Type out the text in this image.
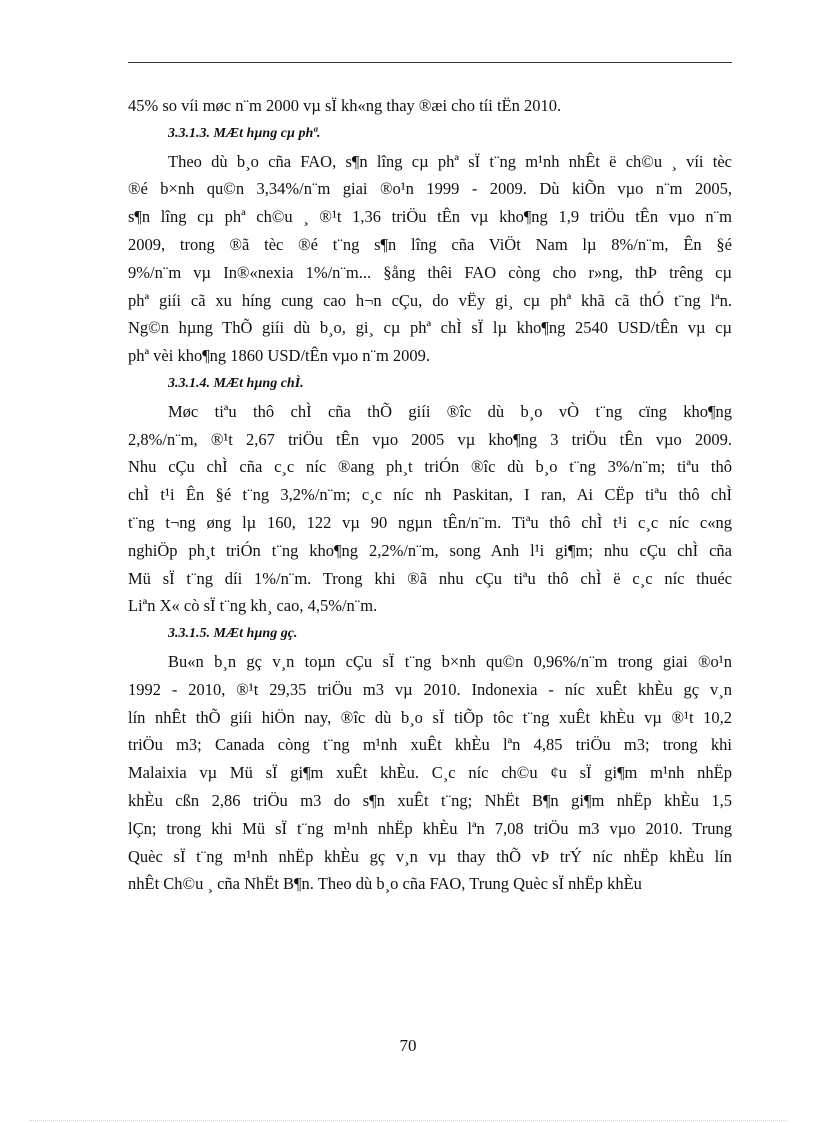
45% so víi møc n¨m 2000 vµ sÏ kh«ng thay ®æi cho tíi tËn 2010.
3.3.1.3. MÆt hµng cµ phª.
Theo dù b¸o cña FAO, s¶n lîng cµ phª sÏ t¨ng m¹nh nhÊt ë ch©u ¸ víi tèc
®é b×nh qu©n 3,34%/n¨m giai ®o¹n 1999 - 2009. Dù kiÕn vµo n¨m 2005,
s¶n lîng cµ phª ch©u ¸ ®¹t 1,36 triÖu tÊn vµ kho¶ng 1,9 triÖu tÊn vµo n¨m
2009, trong ®ã tèc ®é t¨ng s¶n lîng cña ViÖt Nam lµ 8%/n¨m, Ên §é
9%/n¨m vµ In®«nexia 1%/n¨m... §ång thêi FAO còng cho r»ng, thÞ trêng cµ
phª giíi cã xu híng cung cao h¬n cÇu, do vËy gi¸ cµ phª khã cã thÓ t¨ng lªn.
Ng©n hµng ThÕ giíi dù b¸o, gi¸ cµ phª chÌ sÏ lµ kho¶ng 2540 USD/tÊn vµ cµ
phª vèi kho¶ng 1860 USD/tÊn vµo n¨m 2009.
3.3.1.4. MÆt hµng chÌ.
Møc tiªu thô chÌ cña thÕ giíi ®îc dù b¸o vÒ t¨ng cïng kho¶ng
2,8%/n¨m, ®¹t 2,67 triÖu tÊn vµo 2005 vµ kho¶ng 3 triÖu tÊn vµo 2009.
Nhu cÇu chÌ cña c¸c níc ®ang ph¸t triÓn ®îc dù b¸o t¨ng 3%/n¨m; tiªu thô
chÌ t¹i Ên §é t¨ng 3,2%/n¨m; c¸c níc nh Paskitan, I ran, Ai CËp tiªu thô chÌ
t¨ng t¬ng øng lµ 160, 122 vµ 90 ngµn tÊn/n¨m. Tiªu thô chÌ t¹i c¸c níc c«ng
nghiÖp ph¸t triÓn t¨ng kho¶ng 2,2%/n¨m, song Anh l¹i gi¶m; nhu cÇu chÌ cña
Mü sÏ t¨ng díi 1%/n¨m. Trong khi ®ã nhu cÇu tiªu thô chÌ ë c¸c níc thuéc
Liªn X« cò sÏ t¨ng kh¸ cao, 4,5%/n¨m.
3.3.1.5. MÆt hµng gç.
Bu«n b¸n gç v¸n toµn cÇu sÏ t¨ng b×nh qu©n 0,96%/n¨m trong giai ®o¹n
1992 - 2010, ®¹t 29,35 triÖu m3 vµ 2010. Indonexia - níc xuÊt khÈu gç v¸n
lín nhÊt thÕ giíi hiÖn nay, ®îc dù b¸o sÏ tiÕp tôc t¨ng xuÊt khÈu vµ ®¹t 10,2
triÖu m3; Canada còng t¨ng m¹nh xuÊt khÈu lªn 4,85 triÖu m3; trong khi
Malaixia vµ Mü sÏ gi¶m xuÊt khÈu. C¸c níc ch©u ¢u sÏ gi¶m m¹nh nhËp
khÈu cßn 2,86 triÖu m3 do s¶n xuÊt t¨ng; NhËt B¶n gi¶m nhËp khÈu 1,5
lÇn; trong khi Mü sÏ t¨ng m¹nh nhËp khÈu lªn 7,08 triÖu m3 vµo 2010. Trung
Quèc sÏ t¨ng m¹nh nhËp khÈu gç v¸n vµ thay thÕ vÞ trÝ níc nhËp khÈu lín
nhÊt Ch©u ¸ cña NhËt B¶n. Theo dù b¸o cña FAO, Trung Quèc sÏ nhËp khÈu
70
